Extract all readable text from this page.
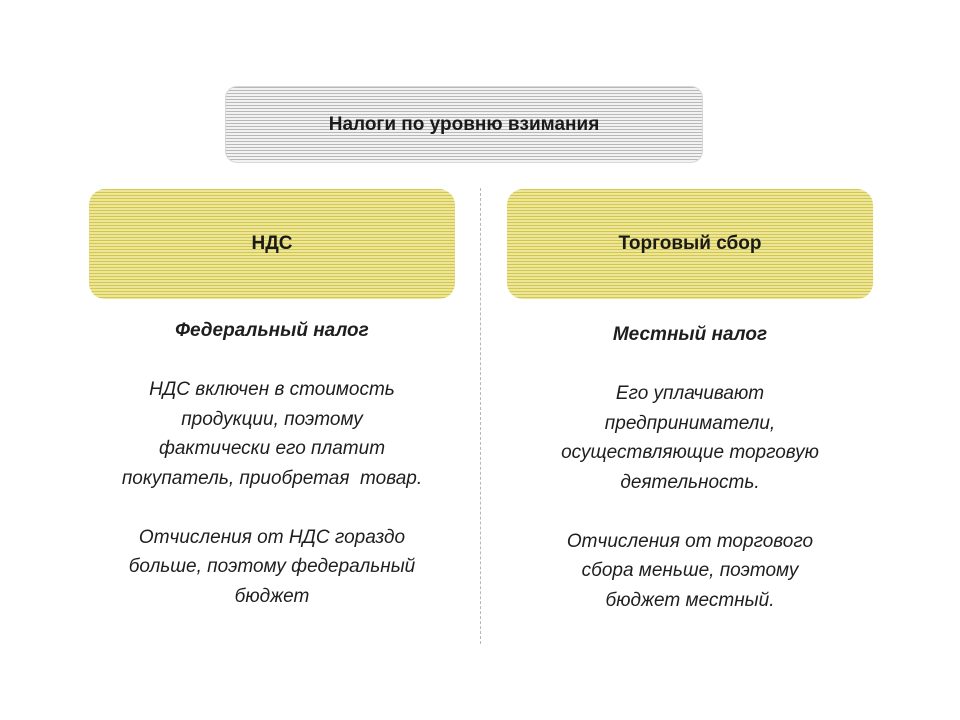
Налоги по уровню взимания
НДС	Торговый сбор

Федеральный налог

НДС включен в стоимость
продукции, поэтому
фактически его платит
покупатель, приобретая  товар.

Отчисления от НДС гораздо
больше, поэтому федеральный
бюджет

Местный налог

Его уплачивают
предприниматели,
осуществляющие торговую
деятельность.

Отчисления от торгового
сбора меньше, поэтому
бюджет местный.
